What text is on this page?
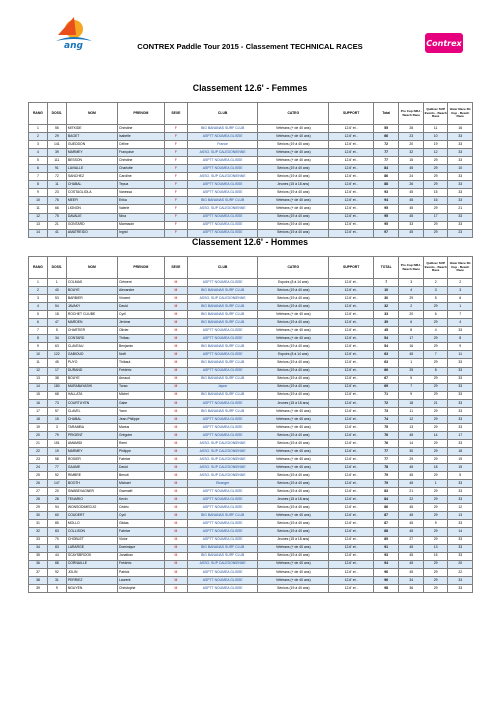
ang	Contrex
CONTREX Paddle Tour 2015 - Classement TECHNICAL RACES
Classement 12.6' - Femmes
RANG	DOSS.	NOM	PRENOM	SEXE	CLUB	CATEG	SUPPORT	Total	Pro Cup NRJ - Beach Race	Quiliver SUP Events - Beach Race	Hiver Race 3G Cup - Beach Race
1	55	MITKIDE	Christine	F	BIG BANANAS SURF CLUB	Vétérans (+ de 40 ans)	12.6' et -	55	28	11	16
2	29	BAGET	Isabelle	F	ASPTT NOUMEA GLISSE	Vétérans (+ de 40 ans)	12.6' et -	66	23	10	33
3	141	GUEDDON	Céline	F	France	Séniors (19 à 40 ans)	12.6' et -	72	20	19	33
4	39	MARMEY	Françoise	F	ASSO. SUP CALEDONIENNE	Vétérans (+ de 40 ans)	12.6' et -	77	32	12	33
5	111	BESSON	Christine	F	ASPTT NOUMEA GLISSE	Vétérans (+ de 40 ans)	12.6' et -	77	15	29	33
6	91	LAVIALLE	Charlotte	F	ASPTT NOUMEA GLISSE	Séniors (19 à 40 ans)	12.6' et -	84	45	29	10
7	72	SANCHEZ	Caroline	F	ASSO. SUP CALEDONIENNE	Séniors (19 à 40 ans)	12.6' et -	86	24	29	33
8	11	CHABAL	Tepua	F	ASPTT NOUMEA GLISSE	Jeunes (15 à 18 ans)	12.6' et -	88	26	29	33
9	23	COSTAGLIOLA	Vanessa	F	ASPTT NOUMEA GLISSE	Séniors (19 à 40 ans)	12.6' et -	93	45	15	33
10	76	MEEFI	Erika	F	BIG BANANAS SURF CLUB	Vétérans (+ de 40 ans)	12.6' et -	94	45	16	33
11	66	LIGNON	Valerie	F	ASSO. SUP CALEDONIENNE	Vétérans (+ de 40 ans)	12.6' et -	95	45	29	21
12	75	DAVALIE	Nina	F	ASPTT NOUMEA GLISSE	Séniors (19 à 40 ans)	12.6' et -	95	45	17	33
13	21	GONTARD	Marmaoin	F	ASPTT NOUMEA GLISSE	Séniors (19 à 40 ans)	12.6' et -	95	33	29	33
14	41	AMATREIDO	Ingrid	F	ASPTT NOUMEA GLISSE	Séniors (19 à 40 ans)	12.6' et -	97	45	29	23
Classement 12.6' - Hommes
RANG	DOSS.	NOM	PRENOM	SEXE	CLUB	CATEG	SUPPORT	TOTAL	Pro Cup NRJ - Beach Race	Quiliver SUP Events - Beach Race	Hiver Race 3G Cup - Beach Race
1	1	COLMAS	Clément	M	ASPTT NOUMEA GLISSE	Espoirs (8 à 14 ans)	12.6' et -	7	3	2	2
2	40	BOUYE	Alexandre	M	BIG BANANAS SURF CLUB	Séniors (19 à 40 ans)	12.6' et -	10	4	3	3
3	53	BARBIER	Vincent	M	ASSO. SUP CALEDONIENNE	Séniors (19 à 40 ans)	12.6' et -	30	29	5	6
4	54	JAVAKY	David	M	BIG BANANAS SURF CLUB	Séniors (19 à 40 ans)	12.6' et -	32	2	29	1
5	18	ROCHET CLIUBE	Cyril	M	BIG BANANAS SURF CLUB	Vétérans (+ de 40 ans)	12.6' et -	33	20	6	7
6	47	MARDEN	Jérôme	M	BIG BANANAS SURF CLUB	Séniors (19 à 40 ans)	12.6' et -	39	6	29	4
7	5	CHARTIER	Olivier	M	ASPTT NOUMEA GLISSE	Vétérans (+ de 40 ans)	12.6' et -	45	8	4	33
8	34	CONTARD	Thibau	M	ASPTT NOUMEA GLISSE	Vétérans (+ de 40 ans)	12.6' et -	54	17	29	8
9	63	CLAVEAU	Benjamin	M	BIG BANANAS SURF CLUB	Séniors (19 à 40 ans)	12.6' et -	54	16	29	9
10	122	GABIOUD	Noël	M	ASPTT NOUMEA GLISSE	Espoirs (8 à 14 ans)	12.6' et -	63	45	7	11
11	45	PUYO	Thibaut	M	BIG BANANAS SURF CLUB	Séniors (19 à 40 ans)	12.6' et -	63	1	29	33
12	17	DURAND	Frédéric	M	ASPTT NOUMEA GLISSE	Séniors (19 à 40 ans)	12.6' et -	66	25	8	33
13	38	BOUYE	Arnaud	M	BIG BANANAS SURF CLUB	Séniors (19 à 40 ans)	12.6' et -	67	5	29	33
14	180	MURABAYASHI	Torao	M	Japon	Séniors (19 à 40 ans)	12.6' et -	69	7	29	33
15	68	HALLATA	Michel	M	BIG BANANAS SURF CLUB	Séniors (19 à 40 ans)	12.6' et -	71	9	29	33
16	73	COURTUYEN	Gabe	M	ASPTT NOUMEA GLISSE	Jeunes (15 à 18 ans)	12.6' et -	72	18	21	33
17	57	CLAVEL	Yann	M	BIG BANANAS SURF CLUB	Vétérans (+ de 40 ans)	12.6' et -	73	11	29	33
18	15	CHABAL	Jean-Philippe	M	ASPTT NOUMEA GLISSE	Vétérans (+ de 40 ans)	12.6' et -	74	12	29	33
19	3	TARAMBA	Marius	M	ASPTT NOUMEA GLISSE	Vétérans (+ de 40 ans)	12.6' et -	75	13	29	33
20	79	PRIGENT	Grégoire	M	ASPTT NOUMEA GLISSE	Séniors (19 à 40 ans)	12.6' et -	76	45	14	17
21	151	AMAMIDI	Remi	M	ASSO. SUP CALEDONIENNE	Séniors (19 à 40 ans)	12.6' et -	76	14	29	33
22	19	MARMEY	Philippe	M	ASSO. SUP CALEDONIENNE	Vétérans (+ de 40 ans)	12.6' et -	77	30	29	18
23	58	ROSIER	Fabrice	M	ASSO. SUP CALEDONIENNE	Vétérans (+ de 40 ans)	12.6' et -	77	29	29	19
24	77	GAUME	David	M	ASSO. SUP CALEDONIENNE	Vétérans (+ de 40 ans)	12.6' et -	78	45	18	15
25	52	RIMBRE	Benoit	M	ASSO. SUP CALEDONIENNE	Séniors (19 à 40 ans)	12.6' et -	79	45	29	5
26	147	BOOTH	Michael	M	Etranger	Séniors (19 à 40 ans)	12.6' et -	79	45	1	33
27	20	SWABEVAGNER	Gwenaël	M	ASPTT NOUMEA GLISSE	Séniors (19 à 40 ans)	12.6' et -	83	21	29	33
28	28	TENARIO	Kevin	M	ASPTT NOUMEA GLISSE	Jeunes (15 à 18 ans)	12.6' et -	84	22	29	33
29	94	WONSODIMEDJO	Cédric	M	ASPTT NOUMEA GLISSE	Séniors (19 à 40 ans)	12.6' et -	86	45	29	12
30	60	COUDERT	Cyril	M	BIG BANANAS SURF CLUB	Vétérans (+ de 40 ans)	12.6' et -	87	45	29	13
31	85	MOLLO	Gildas	M	ASPTT NOUMEA GLISSE	Séniors (19 à 40 ans)	12.6' et -	87	45	9	33
32	83	COLLISON	Fabrice	M	ASPTT NOUMEA GLISSE	Séniors (19 à 40 ans)	12.6' et -	88	45	29	14
33	70	CHOBLET	Victor	M	ASPTT NOUMEA GLISSE	Jeunes (15 à 18 ans)	12.6' et -	89	27	29	33
34	83	LARARGE	Dominique	M	BIG BANANAS SURF CLUB	Vétérans (+ de 40 ans)	12.6' et -	91	45	13	33
35	44	SCAYSBROOK	Jonathan	M	BIG BANANAS SURF CLUB	Séniors (19 à 40 ans)	12.6' et -	93	45	15	33
36	88	CORNAILLE	Frédéric	M	ASSO. SUP CALEDONIENNE	Vétérans (+ de 40 ans)	12.6' et -	94	45	29	20
37	92	JOLIN	Patrick	M	ASPTT NOUMEA GLISSE	Vétérans (+ de 40 ans)	12.6' et -	96	45	29	22
38	31	PERRIEZ	Laurent	M	ASPTT NOUMEA GLISSE	Vétérans (+ de 40 ans)	12.6' et -	96	34	29	33
39	9	NGUYEN	Christophe	M	ASPTT NOUMEA GLISSE	Séniors (19 à 40 ans)	12.6' et -	98	36	29	33
